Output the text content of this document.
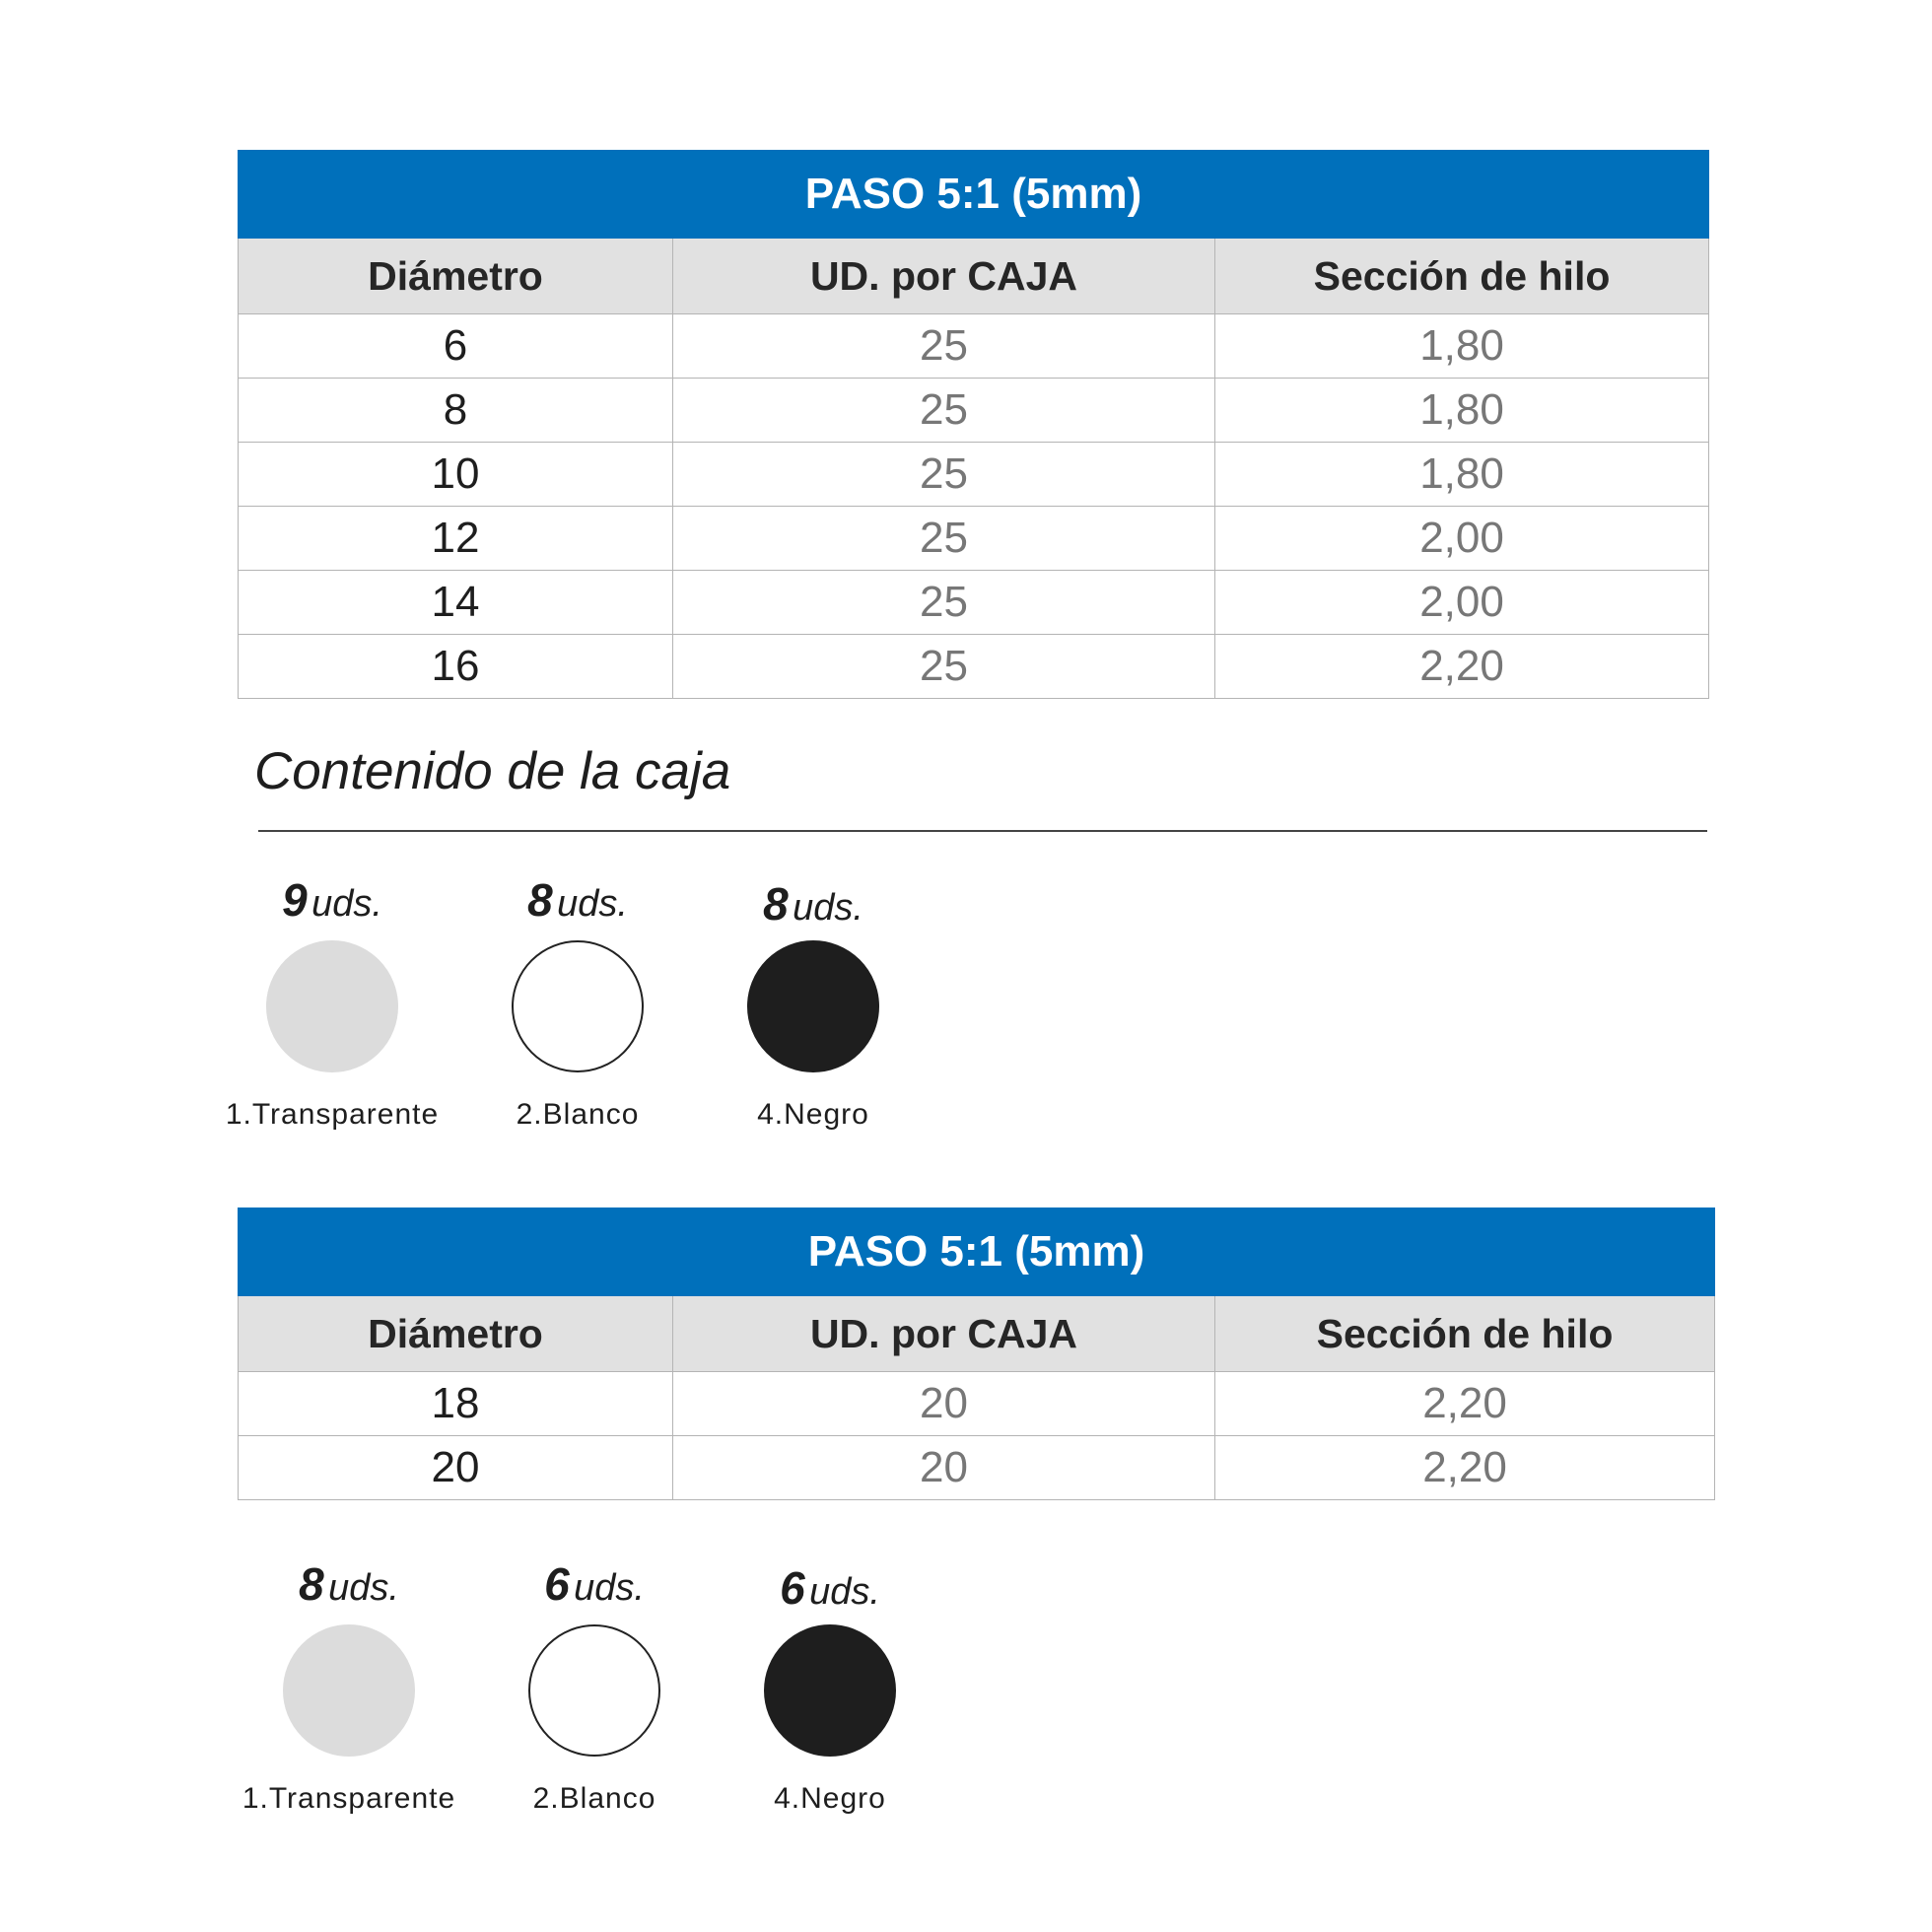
PASO 5:1 (5mm)		
Diámetro	UD. por CAJA	Sección de hilo
6	25	1,80
8	25	1,80
10	25	1,80
12	25	2,00
14	25	2,00
16	25	2,20
Contenido de la caja
9 uds.
1.Transparente
8 uds.
2.Blanco
8 uds.
4.Negro
PASO 5:1 (5mm)		
Diámetro	UD. por CAJA	Sección de hilo
18	20	2,20
20	20	2,20
8 uds.
1.Transparente
6 uds.
2.Blanco
6 uds.
4.Negro
